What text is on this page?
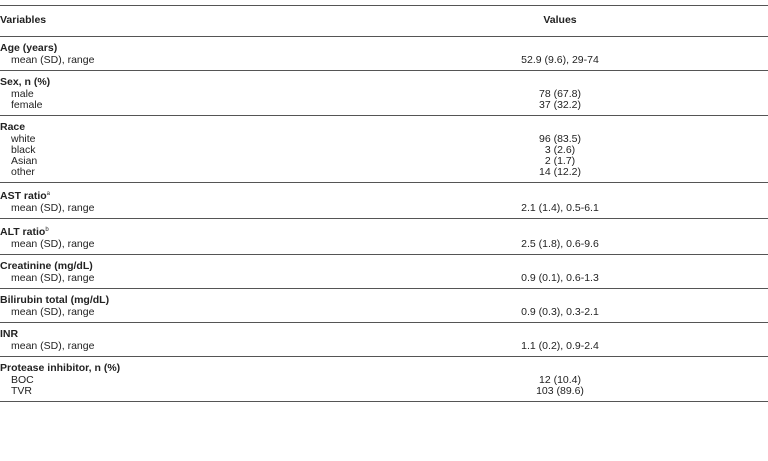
Variables	Values
Age (years)
mean (SD), range	52.9 (9.6), 29-74
Sex, n (%)
male	78 (67.8)
female	37 (32.2)
Race
white	96 (83.5)
black	3 (2.6)
Asian	2 (1.7)
other	14 (12.2)
AST ratio$^a$
mean (SD), range	2.1 (1.4), 0.5-6.1
ALT ratio$^b$
mean (SD), range	2.5 (1.8), 0.6-9.6
Creatinine (mg/dL)
mean (SD), range	0.9 (0.1), 0.6-1.3
Bilirubin total (mg/dL)
mean (SD), range	0.9 (0.3), 0.3-2.1
INR
mean (SD), range	1.1 (0.2), 0.9-2.4
Protease inhibitor, n (%)
BOC	12 (10.4)
TVR	103 (89.6)
